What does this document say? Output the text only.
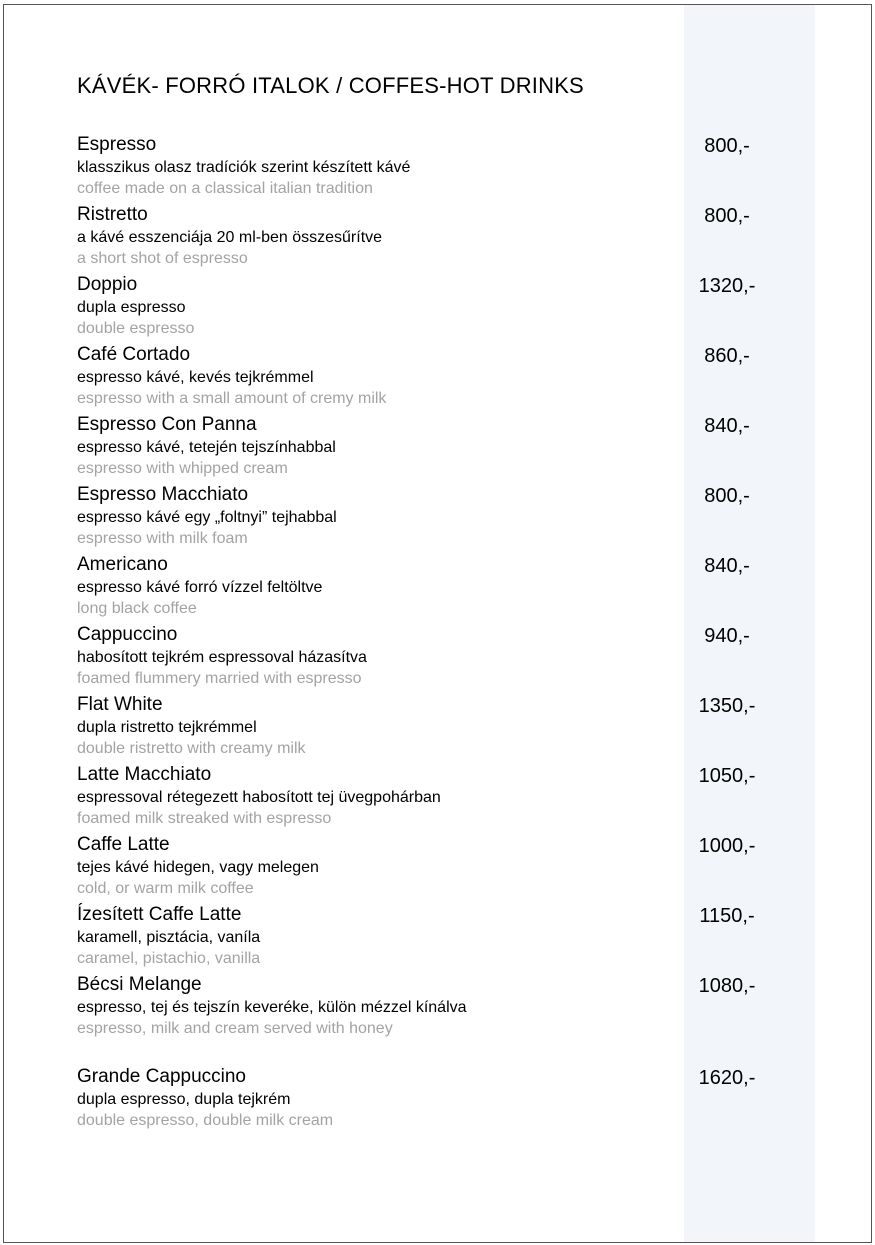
KÁVÉK- FORRÓ ITALOK / COFFES-HOT DRINKS
Espresso
klasszikus olasz tradíciók szerint készített kávé
coffee made on a classical italian tradition
800,-
Ristretto
a kávé esszenciája 20 ml-ben összesűrítve
a short shot of espresso
800,-
Doppio
dupla espresso
double espresso
1320,-
Café Cortado
espresso kávé, kevés tejkrémmel
espresso with a small amount of cremy milk
860,-
Espresso Con Panna
espresso kávé, tetején tejszínhabbal
espresso with whipped cream
840,-
Espresso Macchiato
espresso kávé egy „foltnyi” tejhabbal
espresso with milk foam
800,-
Americano
espresso kávé forró vízzel feltöltve
long black coffee
840,-
Cappuccino
habosított tejkrém espressoval házasítva
foamed flummery married with espresso
940,-
Flat White
dupla ristretto tejkrémmel
double ristretto with creamy milk
1350,-
Latte Macchiato
espressoval rétegezett habosított tej üvegpohárban
foamed milk streaked with espresso
1050,-
Caffe Latte
tejes kávé hidegen, vagy melegen
cold, or warm milk coffee
1000,-
Ízesített Caffe Latte
karamell, pisztácia, vaníla
caramel, pistachio, vanilla
1150,-
Bécsi Melange
espresso, tej és tejszín keveréke, külön mézzel kínálva
espresso, milk and cream served with honey
1080,-
Grande Cappuccino
dupla espresso, dupla tejkrém
double espresso, double milk cream
1620,-
